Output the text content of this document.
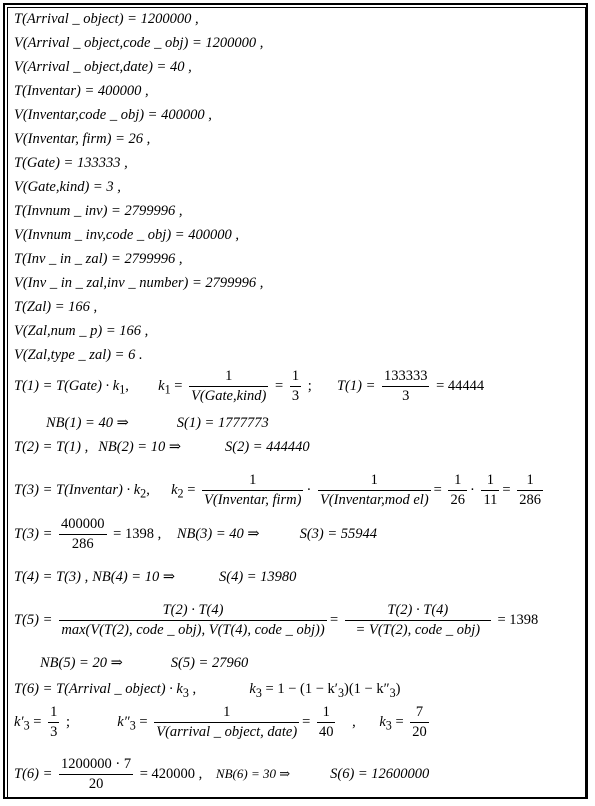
T(Arrival _ object) = 1200000 ,
V(Arrival _ object,code _ obj) = 1200000 ,
V(Arrival _ object,date) = 40 ,
T(Inventar) = 400000 ,
V(Inventar,code _ obj) = 400000 ,
V(Inventar, firm) = 26 ,
T(Gate) = 133333 ,
V(Gate,kind) = 3 ,
T(Invnum _ inv) = 2799996 ,
V(Invnum _ inv,code _ obj) = 400000 ,
T(Inv _ in _ zal) = 2799996 ,
V(Inv _ in _ zal,inv _ number) = 2799996 ,
T(Zal) = 166 ,
V(Zal,num _ p) = 166 ,
V(Zal,type _ zal) = 6 .
T(1) = T(Gate) · $k_1$,  $k_1$ =
1
V(Gate,kind)
= $\frac{1}{3}$ ; $T(1) = \frac{133333}{3} = 44444$
NB(1) = 40 ⇒	S(1) = 1777773
T(2) = T(1) , NB(2) = 10 ⇒	S(2) = 444440
T(3) = T(Inventar) · $k_2$,  $k_2$ =
1
V(Inventar, firm)
·
1
V(Inventar,mod el)
= $\frac{1}{26} \cdot \frac{1}{11} = \frac{1}{286}$
$T(3) = \frac{400000}{286} = 1398$ , NB(3) = 40 ⇒	S(3) = 55944
T(4) = T(3) , NB(4) = 10 ⇒	S(4) = 13980
T(5) =
T(2) · T(4)
max(V(T(2), code _ obj), V(T(4), code _ obj))
=
T(2) · T(4)
= V(T(2), code _ obj)
= 1398
NB(5) = 20 ⇒	S(5) = 27960
T(6) = T(Arrival _ object) · $k_3$ ,	$k_3 = 1 - (1 - k'_3)(1 - k''_3)$
$k'_3 = \frac{1}{3}$ ;	$k''_3$ =
1
V(arrival _ object, date)
= $\frac{1}{40}$ , $k_3 = \frac{7}{20}$
$T(6) = \frac{1200000 \cdot 7}{20} = 420000$ , NB(6) = 30 ⇒	S(6) = 12600000
